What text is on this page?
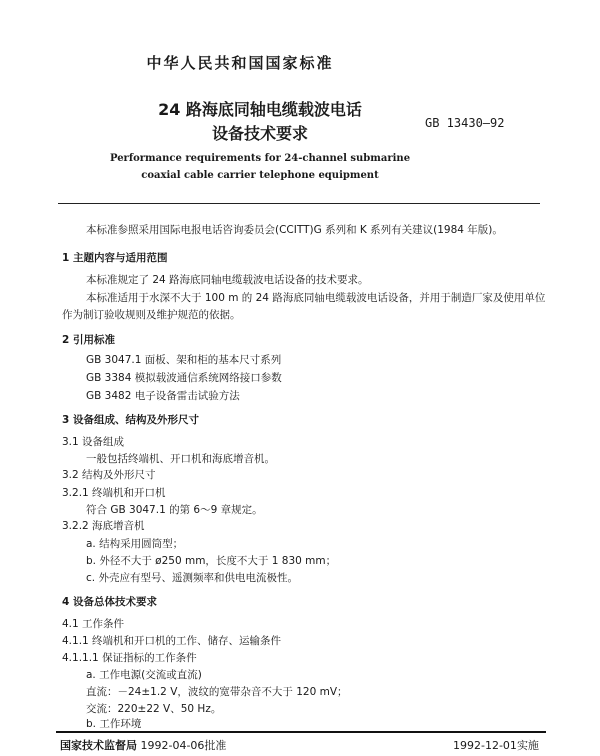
中华人民共和国国家标准
24 路海底同轴电缆载波电话
设备技术要求
GB 13430—92
Performance requirements for 24-channel submarine
coaxial cable carrier telephone equipment
本标准参照采用国际电报电话咨询委员会(CCITT)G 系列和 K 系列有关建议(1984 年版)。
1 主题内容与适用范围
本标准规定了 24 路海底同轴电缆载波电话设备的技术要求。
本标准适用于水深不大于 100 m 的 24 路海底同轴电缆载波电话设备，并用于制造厂家及使用单位
作为制订验收规则及维护规范的依据。
2 引用标准
GB 3047.1 面板、架和柜的基本尺寸系列
GB 3384 模拟载波通信系统网络接口参数
GB 3482 电子设备雷击试验方法
3 设备组成、结构及外形尺寸
3.1 设备组成
一般包括终端机、开口机和海底增音机。
3.2 结构及外形尺寸
3.2.1 终端机和开口机
符合 GB 3047.1 的第 6～9 章规定。
3.2.2 海底增音机
a. 结构采用圆筒型；
b. 外径不大于 ø250 mm，长度不大于 1 830 mm；
c. 外壳应有型号、遥测频率和供电电流极性。
4 设备总体技术要求
4.1 工作条件
4.1.1 终端机和开口机的工作、储存、运输条件
4.1.1.1 保证指标的工作条件
a. 工作电源(交流或直流)
直流：－24±1.2 V，波纹的宽带杂音不大于 120 mV；
交流：220±22 V、50 Hz。
b. 工作环境
国家技术监督局 1992-04-06批准	1992-12-01实施
